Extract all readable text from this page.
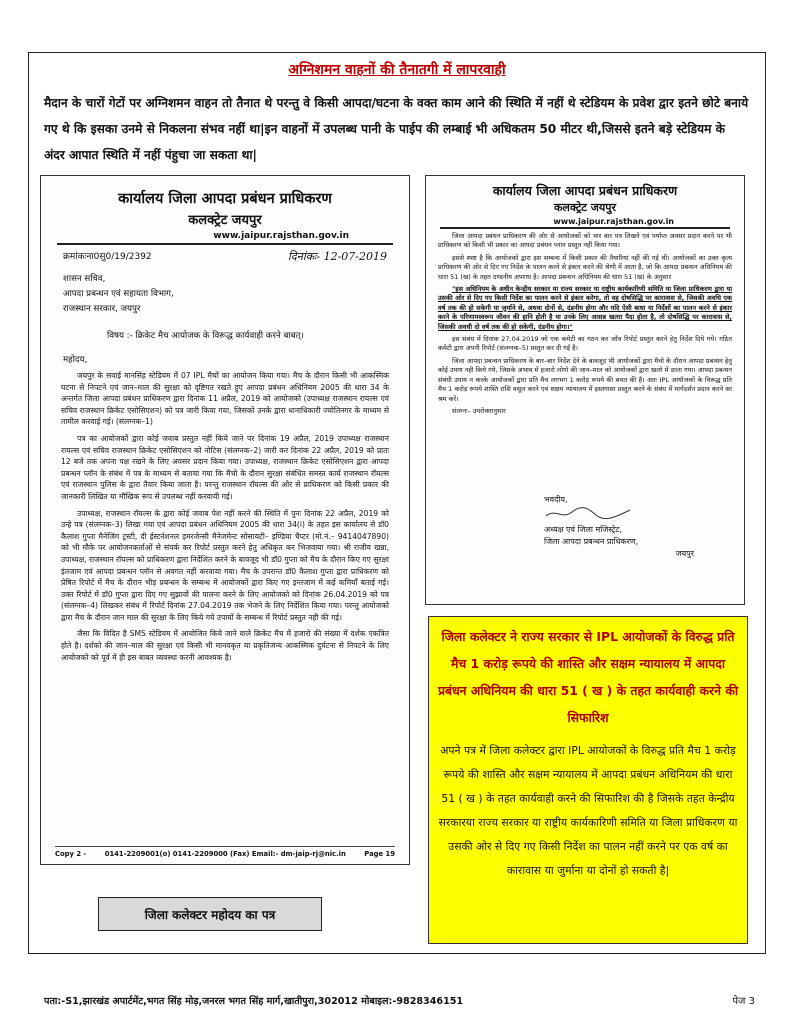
अग्निशमन वाहनों की तैनातगी में लापरवाही
मैदान के चारों गेटों पर अग्निशमन वाहन तो तैनात थे परन्तु वे किसी आपदा/घटना के वक्त काम आने की स्थिति में नहीं थे स्टेडियम के प्रवेश द्वार इतने छोटे बनाये गए थे कि इसका उनमे से निकलना संभव नहीं था|इन वाहनों में उपलब्ध पानी के पाईप की लम्बाई भी अधिकतम 50 मीटर थी,जिससे इतने बड़े स्टेडियम के अंदर आपात स्थिति में नहीं पंहुचा जा सकता था|
कार्यालय जिला आपदा प्रबंधन प्राधिकरण
कलक्ट्रेट जयपुर
www.jaipur.rajsthan.gov.in
क्रमांकःना0सु0/19/2392	दिनांकः- 12-07-2019
शासन सचिव,
आपदा प्रबन्धन एवं सहायता विभाग,
राजस्थान सरकार, जयपुर
विषय :- क्रिकेट मैच आयोजक के विरूद्ध कार्यवाही करने बाबत्।
महोदय,

जयपुर के सवाई मानसिंह स्टेडियम में 07 IPL मैचों का आयोजन किया गया। मैच के दौरान किसी भी आकस्मिक घटना से निपटने एवं जान–माल की सुरक्षा को दृष्टिगत रखते हुए आपदा प्रबंधन अधिनियम 2005 की धारा 34 के अन्तर्गत जिला आपदा प्रबंधन प्राधिकरण द्वारा दिनांक 11 अप्रैल, 2019 को आयोजको (उपाध्यक्ष राजस्थान रायल्स एवं सचिव राजस्थान क्रिकेट एसोसिएशन) को पत्र जारी किया गया, जिसको उनके द्वारा धानाधिकारी ज्योतिनगर के माध्यम से तामील करवाई गई। (संलग्नक–1)

पत्र का आयोजकों द्वारा कोई जवाब प्रस्तुत नहीं किये जाने पर दिनांक 19 अप्रैल, 2019 उपाध्यक्ष राजस्थान रायल्स एवं सचिव राजस्थान क्रिकेट एसोसिएशन को नोटिस (संलग्नक–2) जारी कर दिनांक 22 अप्रैल, 2019 को प्रातः 12 बजे तक अपना पक्ष रखने के लिए अवसर प्रदान किया गया। उपाध्यक्ष, राजस्थान क्रिकेट एसोसिएशन द्वारा आपदा प्रबन्धन प्लॉन के संबंध में पत्र के माध्यम से बताया गया कि मैचो के दौरान सुरक्षा संबंधित समस्त कार्य राजस्थान रॉयल्स एवं राजस्थान पुलिस के द्वारा तैयार किया जाता है। परन्तु राजस्थान रॉयल्स की ओर से प्राधिकरण को किसी प्रकार की जानकारी लिखित या मौखिक रूप से उपलब्ध नहीं करवायी गई।

उपाध्यक्ष, राजस्थान रॉयल्स के द्वारा कोई जवाब पेश नहीं करने की स्थिति में पुनः दिनांक 22 अप्रैल, 2019 को उन्हे पत्र (संलग्नक–3) लिखा गया एवं आपदा प्रबंधन अधिनियम 2005 की धारा 34(i) के तहत इस कार्यालय से डॉ0 कैलाश गुप्ता मैनेजिंग ट्रस्टी, दी ईस्टर्नशनल इमरजेन्सी मैनेजमेन्ट सोसायटी– इण्डिया चैप्टर (मो.नं.– 9414047890) को भी मौके पर आयोजनकर्ताओं से संपर्क कर रिपोर्ट प्रस्तुत करने हेतु अधिकृत कर भिजवाया गया। श्री राजीव खन्ना, उपाध्यक्ष, राजस्थान रॉयल्स को प्राधिकरण द्वारा निर्देशित करने के बावजूद भी डॉ0 गुप्ता को मैच के दौरान किए गए सुरक्षा इंतजाम एवं आपदा प्रबन्धन प्लॉन से अवगत नहीं करवाया गया। मैच के उपरान्त डॉ0 कैलाश गुप्ता द्वारा प्राधिकरण को प्रेषित रिपोर्ट में मैच के दौरान भीड़ प्रबन्धन के सम्बन्ध में आयोजकों द्वारा किए गए इन्तजाम में कई कमियाँ बताई गई। उक्त रिपोर्ट में डॉ0 गुप्ता द्वारा दिए गए सुझावों की पालना करने के लिए आयोजको को दिनांक 26.04.2019 को पत्र (संलग्नक–4) लिखकर संबंध में रिपोर्ट दिनांक 27.04.2019 तक भेजने के लिए निर्देशित किया गया। परन्तु आयोजको द्वारा मैच के दौरान जान माल की सुरक्षा के लिए किये गये उपायों के सम्बन्ध में रिपोर्ट प्रस्तुत नही की गई।

जैसा कि विदित है SMS स्टेडियम में आयोजित किये जाने वाले क्रिकेट मैच में हजारो की संख्या में दर्शक एकत्रित होते है। दर्शको की जान–माल की सुरक्षा एवं किसी भी मानवकृत या प्रकृतिजन्य आकस्मिक दुर्घटना से निपटने के लिए आयोजको को पूर्व में ही इस बाबत व्यवस्था करनी आवश्यक है।

Copy 2 -	0141-2209001(o) 0141-2209000 (Fax) Email:- dm-jaip-rj@nic.in	Page 19
कार्यालय जिला आपदा प्रबंधन प्राधिकरण
कलक्ट्रेट जयपुर
www.jaipur.rajsthan.gov.in

जिला आपदा प्रबंधन प्राधिकरण की ओर से आयोजकों को चार बार पत्र लिखने एवं पर्याप्त अवसर प्रदान करने पर भी प्राधिकरण को किसी भी प्रकार का आपदा प्रबंधन प्लान प्रस्तुत नहीं किया गया।

इससे स्पष्ट है कि आयोजको द्वारा इस सम्बन्ध में किसी प्रकार की तैयारियां नहीं की गई थी। आयोजकों का उक्त कृत्य प्राधिकरण की ओर से दिए गए निर्देश के पालन करने से इंकार करने की श्रेणी में आता है, जो कि आपदा प्रबन्धन अधिनियम की धारा 51 (ख) के तहत दण्डनीय अपराध है। आपदा प्रबन्धन अधिनियम की धारा 51 (ख) के अनुसार

"इस अधिनियम के अधीन केन्द्रीय सरकार या राज्य सरकार या राष्ट्रीय कार्यकारिणी समिति या जिला प्राधिकरण द्वारा या उसकी ओर से दिए गए किसी निर्देश का पालन करने से इंकार करेगा, तो वह दोषसिद्धि पर कारावास से, जिसकी अवधि एक वर्ष तक की हो सकेगी या जुर्माने से, अथवा दोनों से, दंडनीय होगा और यदि ऐसी बाधा या निर्देशों का पालन करने से इंकार करने के परिणामस्वरूप जीवन की हानि होती है या उनके लिए आसन्न खतरा पैदा होता है, तो दोषसिद्धि पर कारावास से, जिसकी अवधी दो वर्ष तक की हो सकेगी, दंडनीय होगा।"

इस संबंध में दिनांक 27.04.2019 को एक कमेटी का गठन कर जाँच रिपोर्ट प्रस्तुत करने हेतु निर्देश दिये गये। गठित कमेटी द्वारा अपनी रिपोर्ट (संलग्नक–5) प्रस्तुत कर दी गई है।

जिला आपदा प्रबन्धन प्राधिकरण के बार–बार निर्देश देने के बावजूद भी आयोजकों द्वारा मैचो के दौरान आपदा प्रबन्धन हेतु कोई उपाय नही किये गये, जिसके अभाव में हजारो लोगो की जान–माल को आयोजकों द्वारा खतरे में डाला गया। आपदा प्रबन्धन संबंधी उपाय न करके आयोजकों द्वारा प्रति मैच लगभग 1 करोड़ रूपये की बचत की है। अतः IPL आयोजकों के विरूद्ध प्रति मैच 1 करोड़ रूपये शास्ति राशि वसूल करने एवं सक्षम न्यायालय में इस्तगासा प्रस्तुत करने के संबंध में मार्गदर्शन प्रदान करने का श्रम करें।

संलग्नः– उपरोक्तानुसार

भवदीय,
अध्यक्ष एवं जिला मजिस्ट्रेट,
जिला आपदा प्रबन्धन प्राधिकरण,
जयपुर
जिला कलेक्टर महोदय का पत्र
जिला कलेक्टर ने राज्य सरकार से IPL आयोजकों के विरुद्ध प्रति मैच 1 करोड़ रूपये की शास्ति और सक्षम न्यायालय में आपदा प्रबंधन अधिनियम की धारा 51 ( ख ) के तहत कार्यवाही करने की सिफारिश
अपने पत्र में जिला कलेक्टर द्वारा IPL आयोजकों के विरुद्ध प्रति मैच 1 करोड़ रूपये की शास्ति और सक्षम न्यायालय में आपदा प्रबंधन अधिनियम की धारा 51 ( ख ) के तहत कार्यवाही करने की सिफारिश की है जिसके तहत केन्द्रीय सरकारया राज्य सरकार या राष्ट्रीय कार्यकारिणी समिति या जिला प्राधिकरण या उसकी ओर से दिए गए किसी निर्देश का पालन नहीं करने पर एक वर्ष का कारावास या जुर्माना या दोनों हो सकती है|
पता:-S1,झारखंड अपार्टमेंट,भगत सिंह मोड़,जनरल भगत सिंह मार्ग,खातीपुरा,302012 मोबाइल:-9828346151	पेज 3
